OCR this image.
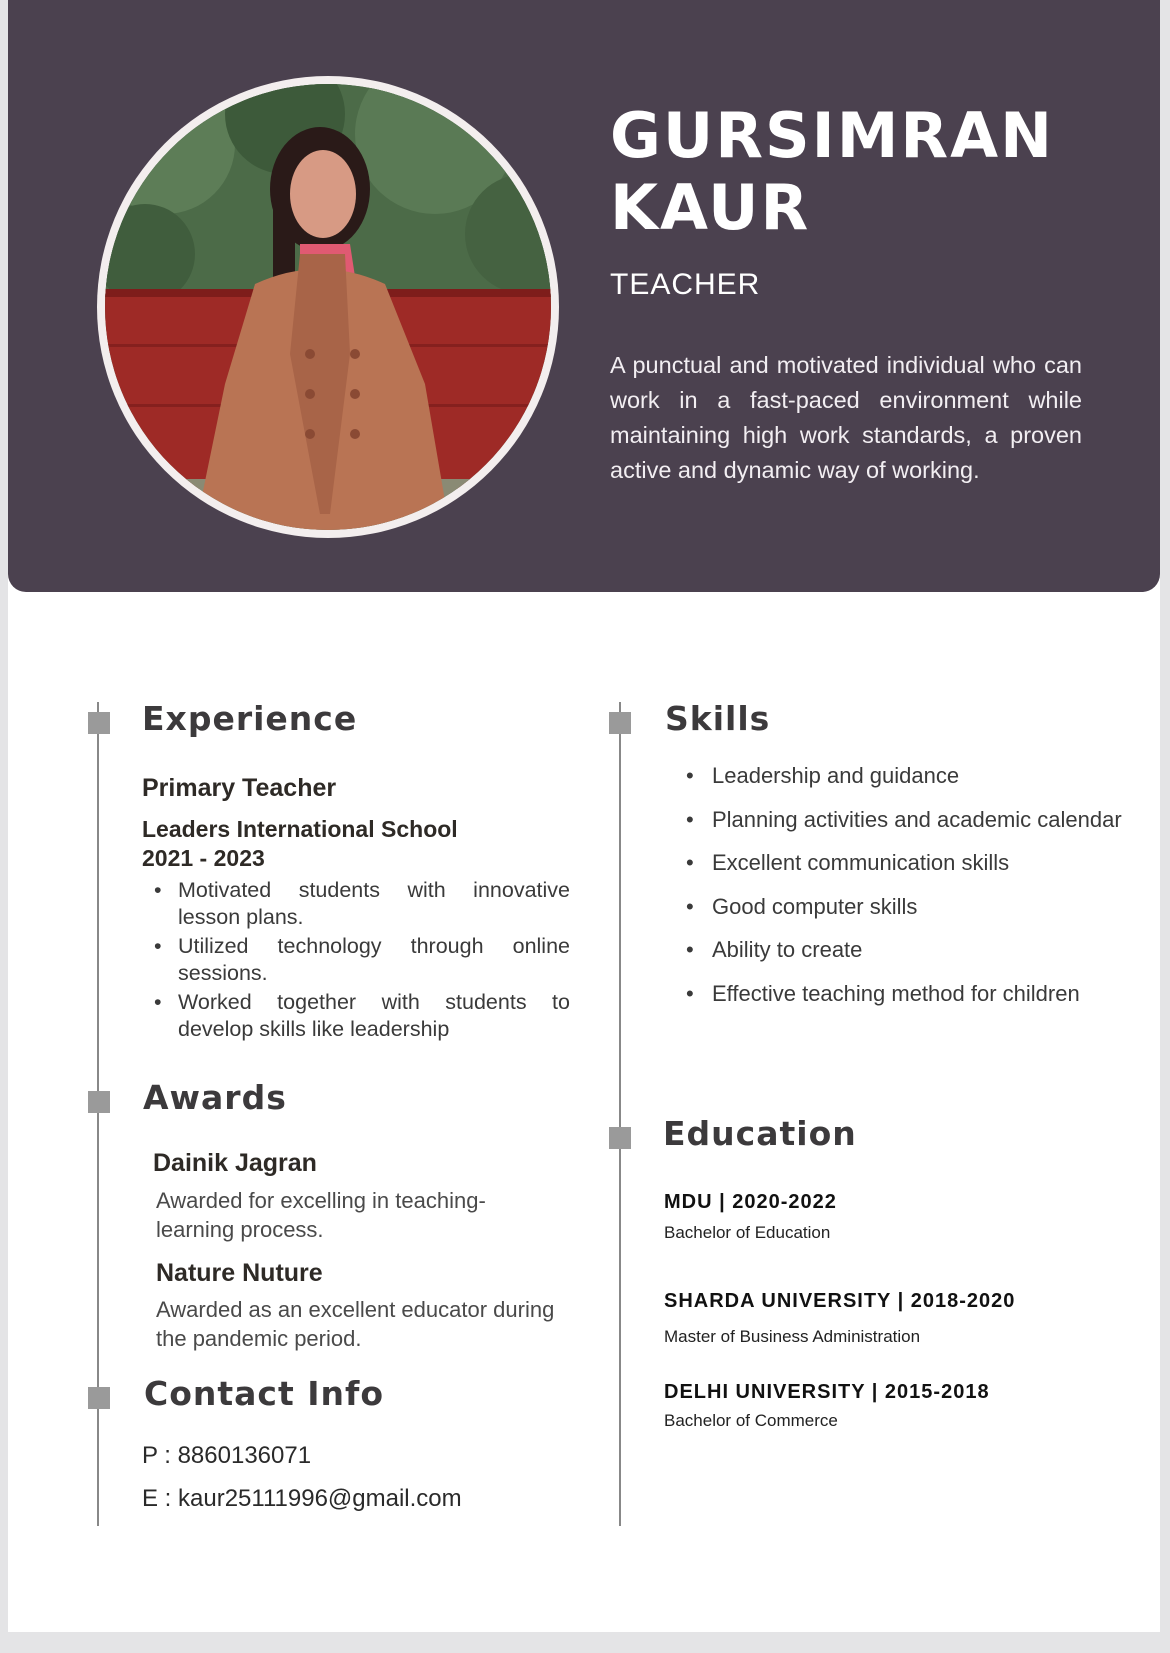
GURSIMRAN
KAUR
TEACHER

A punctual and motivated individual who can work in a fast-paced environment while maintaining high work standards, a proven active and dynamic way of working.

Experience
Primary Teacher
Leaders International School
2021 - 2023
• Motivated students with innovative lesson plans.
• Utilized technology through online sessions.
• Worked together with students to develop skills like leadership
Awards
Dainik Jagran

Awarded for excelling in teaching-learning process.

Nature Nuture

Awarded as an excellent educator during the pandemic period.

Contact Info
P : 8860136071
E : kaur25111996@gmail.com
Skills
• Leadership and guidance
• Planning activities and academic calendar
• Excellent communication skills
• Good computer skills
• Ability to create
• Effective teaching method for children
Education
MDU | 2020-2022
Bachelor of Education
SHARDA UNIVERSITY | 2018-2020
Master of Business Administration
DELHI UNIVERSITY | 2015-2018
Bachelor of Commerce
